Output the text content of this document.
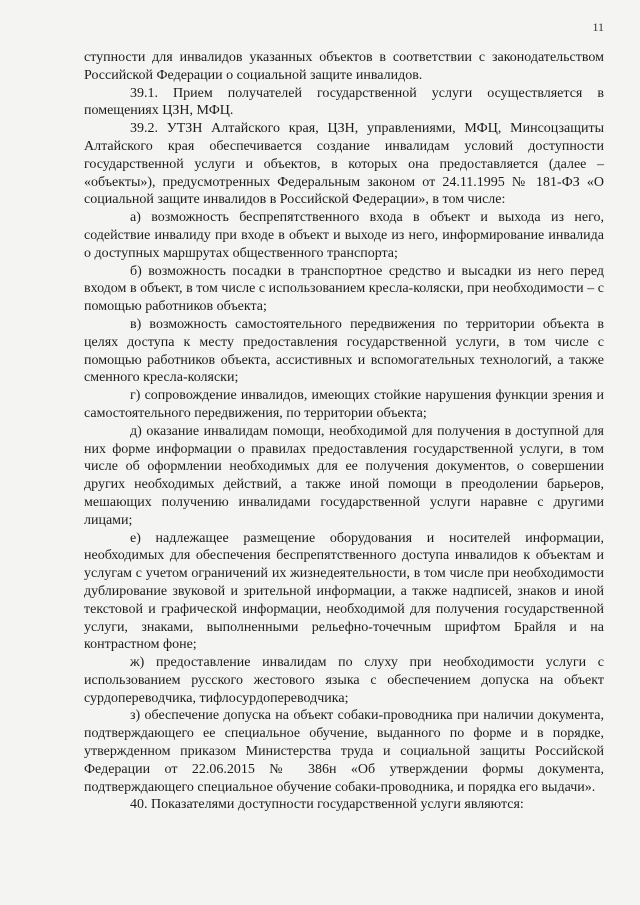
11

ступности для инвалидов указанных объектов в соответствии с законодательством Российской Федерации о социальной защите инвалидов.

39.1. Прием получателей государственной услуги осуществляется в помещениях ЦЗН, МФЦ.

39.2. УТЗН Алтайского края, ЦЗН, управлениями, МФЦ, Минсоцзащиты Алтайского края обеспечивается создание инвалидам условий доступности государственной услуги и объектов, в которых она предоставляется (далее – «объекты»), предусмотренных Федеральным законом от 24.11.1995 № 181-ФЗ «О социальной защите инвалидов в Российской Федерации», в том числе:

а) возможность беспрепятственного входа в объект и выхода из него, содействие инвалиду при входе в объект и выходе из него, информирование инвалида о доступных маршрутах общественного транспорта;

б) возможность посадки в транспортное средство и высадки из него перед входом в объект, в том числе с использованием кресла-коляски, при необходимости – с помощью работников объекта;

в) возможность самостоятельного передвижения по территории объекта в целях доступа к месту предоставления государственной услуги, в том числе с помощью работников объекта, ассистивных и вспомогательных технологий, а также сменного кресла-коляски;

г) сопровождение инвалидов, имеющих стойкие нарушения функции зрения и самостоятельного передвижения, по территории объекта;

д) оказание инвалидам помощи, необходимой для получения в доступной для них форме информации о правилах предоставления государственной услуги, в том числе об оформлении необходимых для ее получения документов, о совершении других необходимых действий, а также иной помощи в преодолении барьеров, мешающих получению инвалидами государственной услуги наравне с другими лицами;

е) надлежащее размещение оборудования и носителей информации, необходимых для обеспечения беспрепятственного доступа инвалидов к объектам и услугам с учетом ограничений их жизнедеятельности, в том числе при необходимости дублирование звуковой и зрительной информации, а также надписей, знаков и иной текстовой и графической информации, необходимой для получения государственной услуги, знаками, выполненными рельефно-точечным шрифтом Брайля и на контрастном фоне;

ж) предоставление инвалидам по слуху при необходимости услуги с использованием русского жестового языка с обеспечением допуска на объект сурдопереводчика, тифлосурдопереводчика;

з) обеспечение допуска на объект собаки-проводника при наличии документа, подтверждающего ее специальное обучение, выданного по форме и в порядке, утвержденном приказом Министерства труда и социальной защиты Российской Федерации от 22.06.2015 № 386н «Об утверждении формы документа, подтверждающего специальное обучение собаки-проводника, и порядка его выдачи».

40. Показателями доступности государственной услуги являются:
